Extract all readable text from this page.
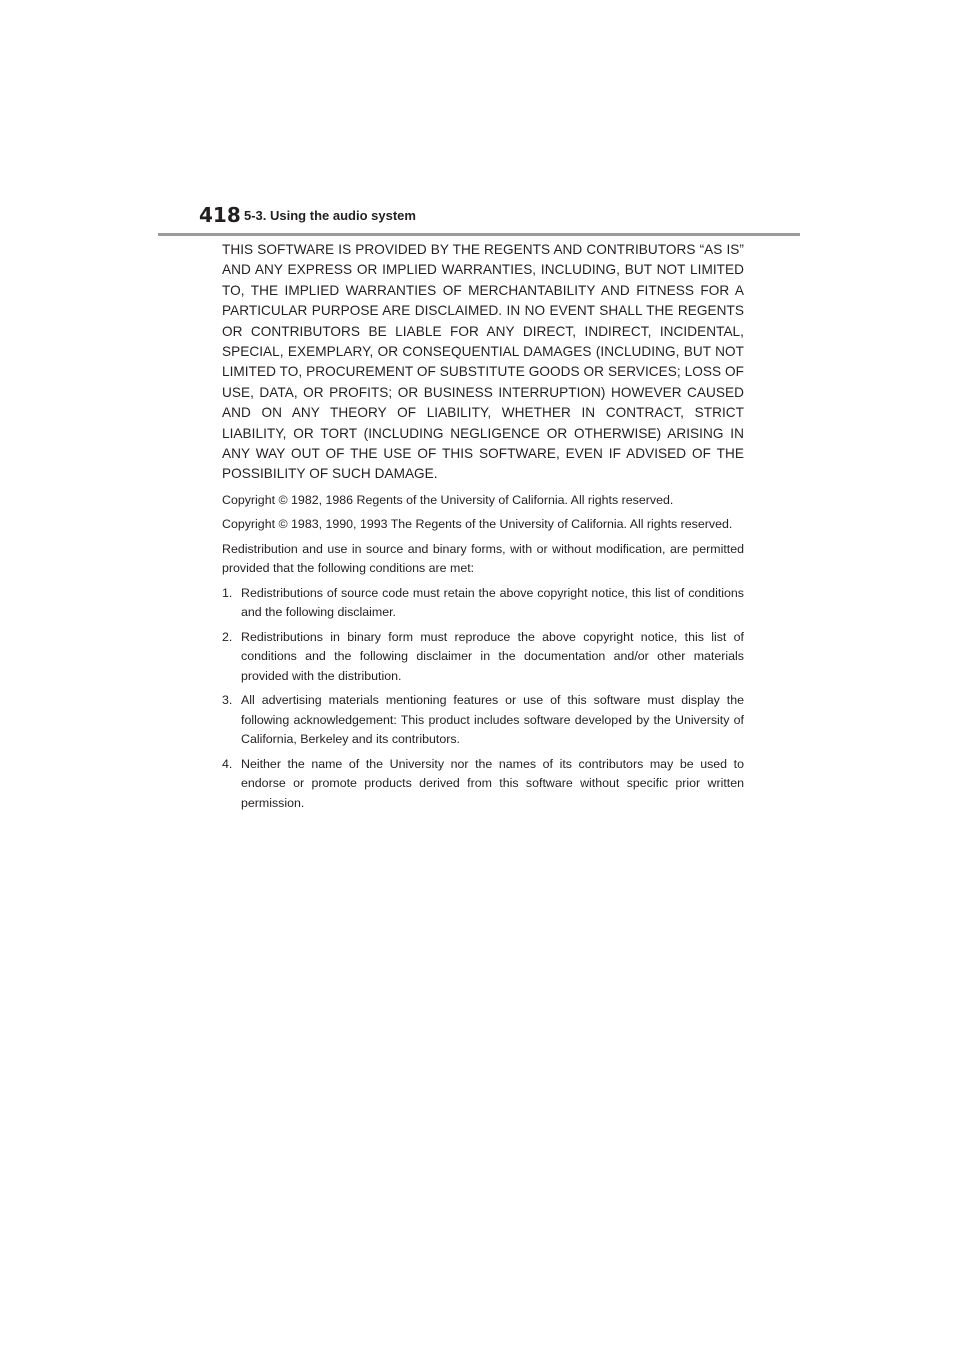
418 5-3. Using the audio system

THIS SOFTWARE IS PROVIDED BY THE REGENTS AND CONTRIBUTORS “AS IS” AND ANY EXPRESS OR IMPLIED WARRANTIES, INCLUDING, BUT NOT LIMITED TO, THE IMPLIED WARRANTIES OF MERCHANTABILITY AND FITNESS FOR A PARTICULAR PURPOSE ARE DISCLAIMED. IN NO EVENT SHALL THE REGENTS OR CONTRIBUTORS BE LIABLE FOR ANY DIRECT, INDIRECT, INCIDENTAL, SPECIAL, EXEMPLARY, OR CONSEQUENTIAL DAMAGES (INCLUDING, BUT NOT LIMITED TO, PROCUREMENT OF SUBSTITUTE GOODS OR SERVICES; LOSS OF USE, DATA, OR PROFITS; OR BUSINESS INTERRUPTION) HOWEVER CAUSED AND ON ANY THEORY OF LIABILITY, WHETHER IN CONTRACT, STRICT LIABILITY, OR TORT (INCLUDING NEGLIGENCE OR OTHERWISE) ARISING IN ANY WAY OUT OF THE USE OF THIS SOFTWARE, EVEN IF ADVISED OF THE POSSIBILITY OF SUCH DAMAGE.

Copyright © 1982, 1986 Regents of the University of California. All rights reserved.

Copyright © 1983, 1990, 1993 The Regents of the University of California. All rights reserved.

Redistribution and use in source and binary forms, with or without modification, are permitted provided that the following conditions are met:

1. Redistributions of source code must retain the above copyright notice, this list of conditions and the following disclaimer.
2. Redistributions in binary form must reproduce the above copyright notice, this list of conditions and the following disclaimer in the documentation and/or other materials provided with the distribution.
3. All advertising materials mentioning features or use of this software must display the following acknowledgement: This product includes software developed by the University of California, Berkeley and its contributors.
4. Neither the name of the University nor the names of its contributors may be used to endorse or promote products derived from this software without specific prior written permission.
